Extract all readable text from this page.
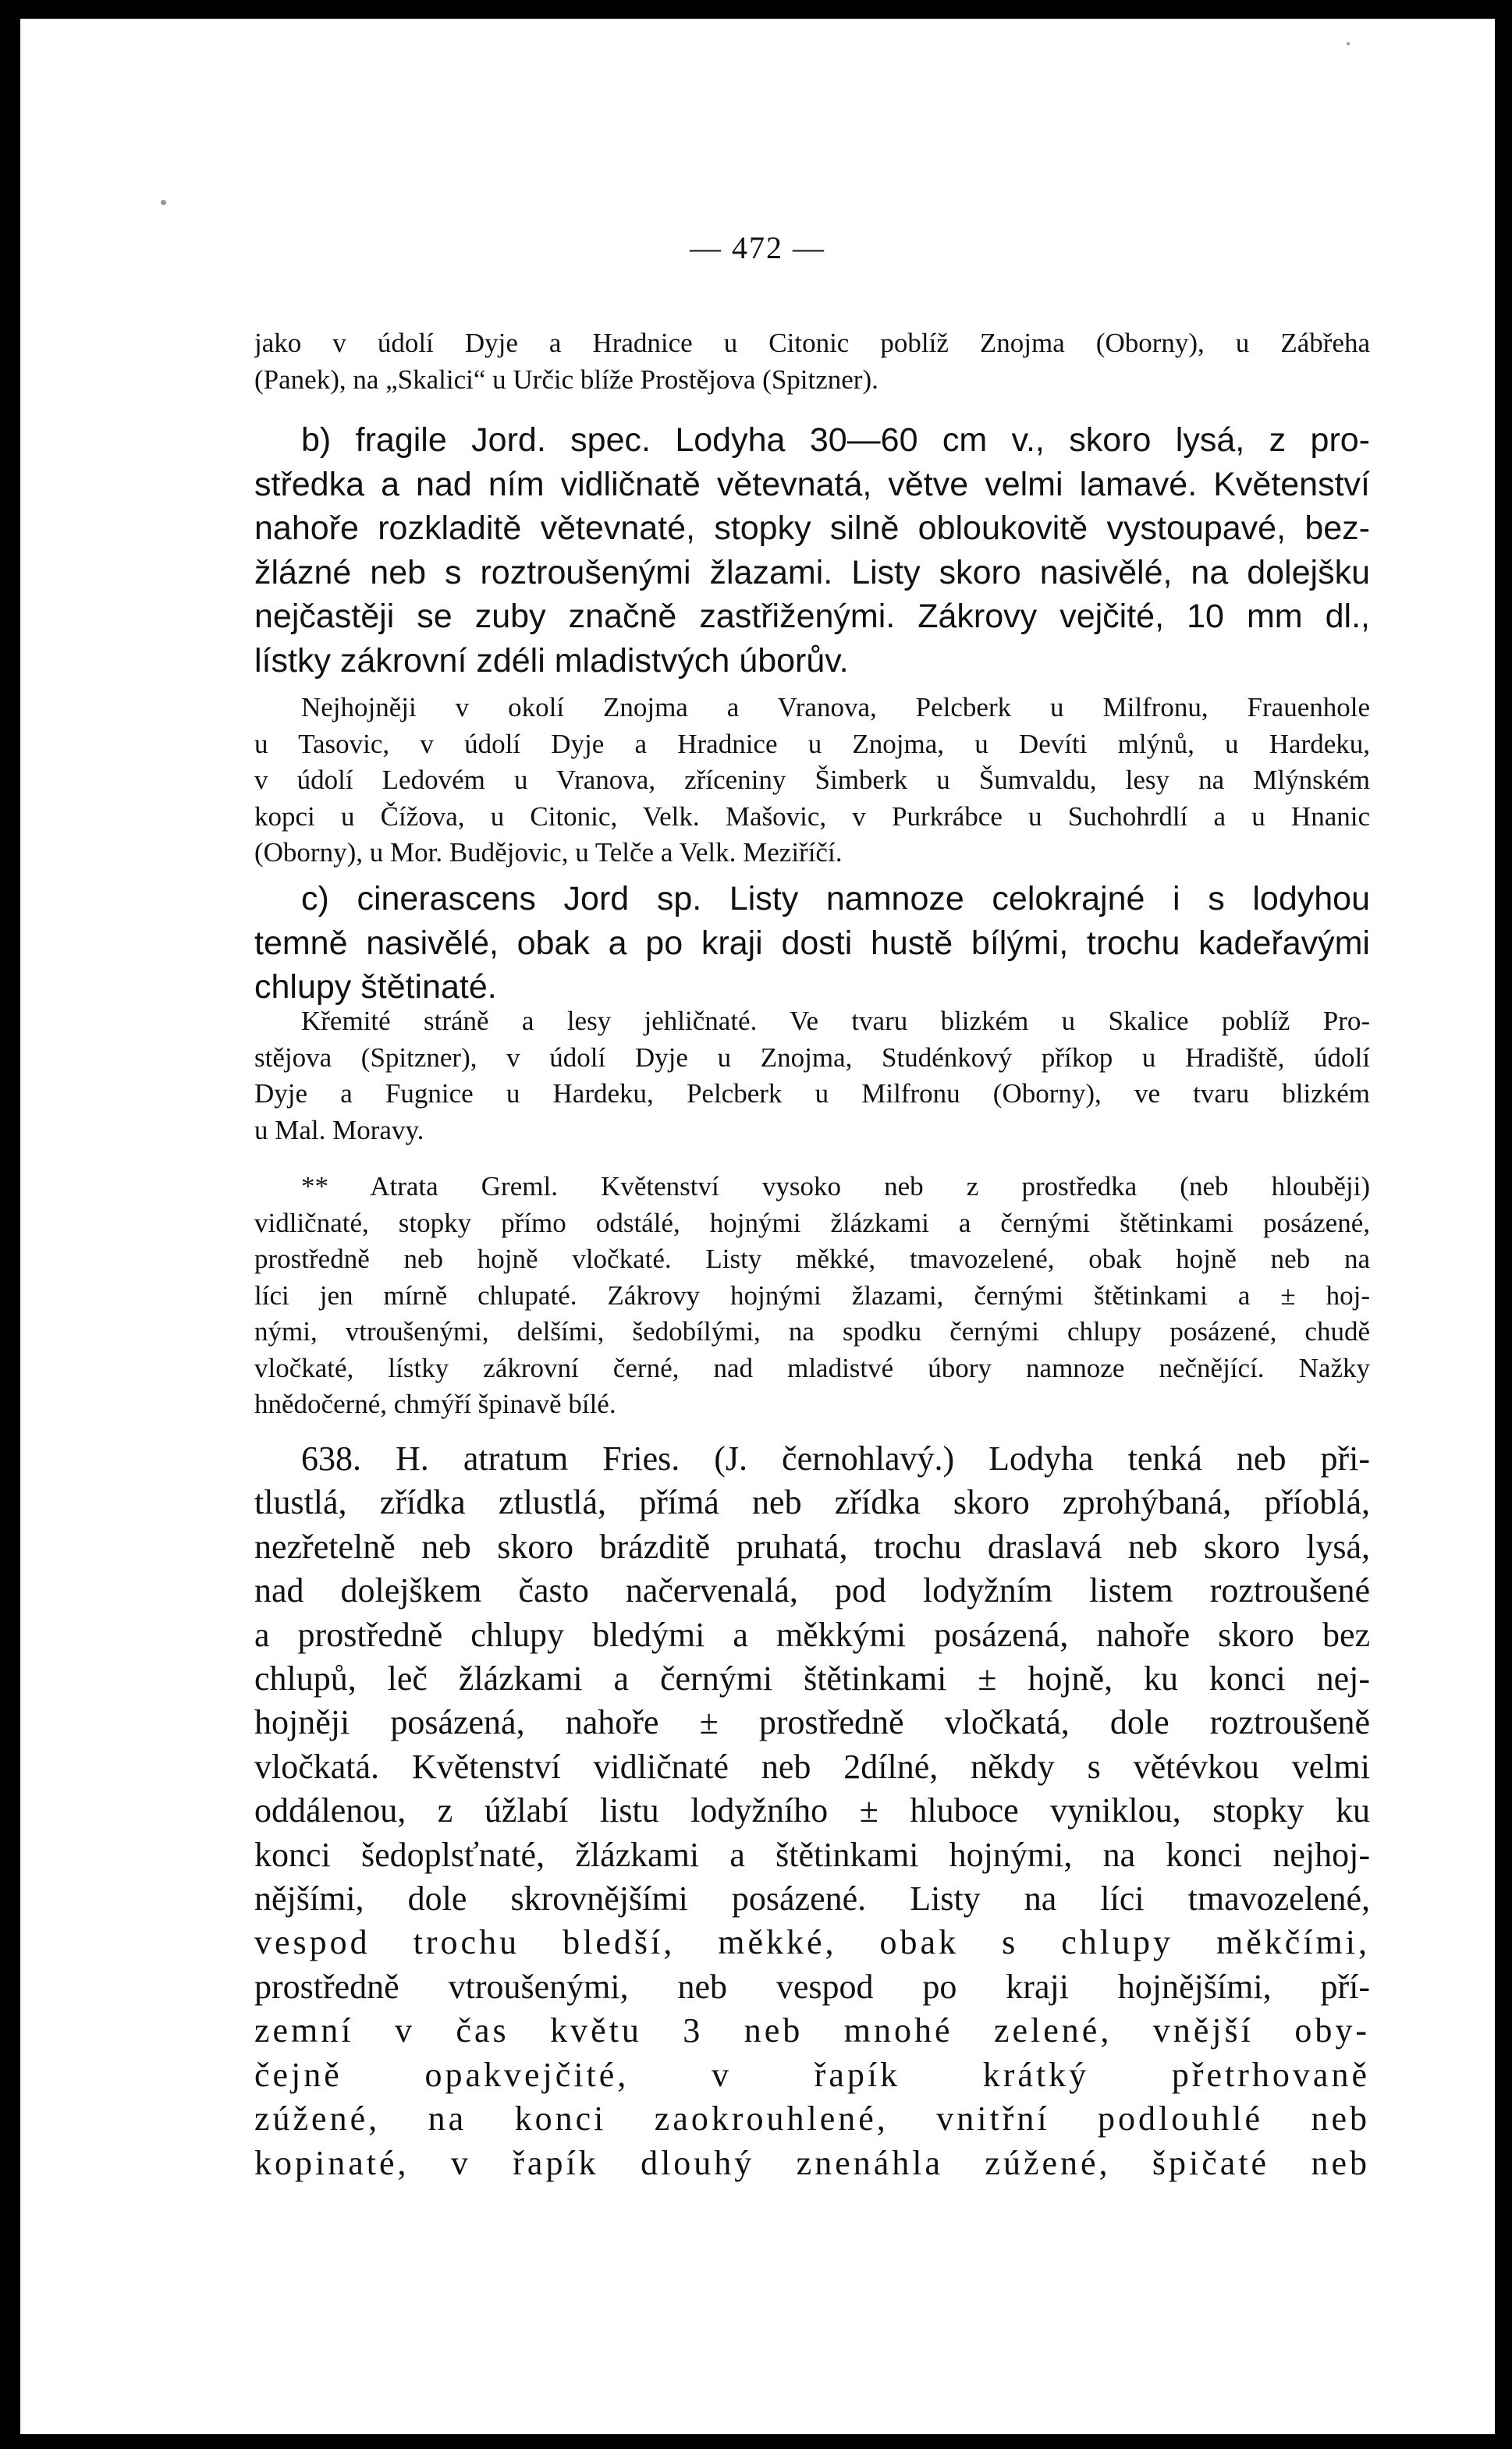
— 472 —
jako v údolí Dyje a Hradnice u Citonic poblíž Znojma (Oborny), u Zábřeha
(Panek), na „Skalici“ u Určic blíže Prostějova (Spitzner).
b) fragile Jord. spec. Lodyha 30—60 cm v., skoro lysá, z pro-
středka a nad ním vidličnatě větevnatá, větve velmi lamavé. Květenství
nahoře rozkladitě větevnaté, stopky silně obloukovitě vystoupavé, bez-
žlázné neb s roztroušenými žlazami. Listy skoro nasivělé, na dolejšku
nejčastěji se zuby značně zastřiženými. Zákrovy vejčité, 10 mm dl.,
lístky zákrovní zdéli mladistvých úborův.
Nejhojněji v okolí Znojma a Vranova, Pelcberk u Milfronu, Frauenhole
u Tasovic, v údolí Dyje a Hradnice u Znojma, u Devíti mlýnů, u Hardeku,
v údolí Ledovém u Vranova, zříceniny Šimberk u Šumvaldu, lesy na Mlýnském
kopci u Čížova, u Citonic, Velk. Mašovic, v Purkrábce u Suchohrdlí a u Hnanic
(Oborny), u Mor. Budějovic, u Telče a Velk. Meziříčí.
c) cinerascens Jord sp. Listy namnoze celokrajné i s lodyhou
temně nasivělé, obak a po kraji dosti hustě bílými, trochu kadeřavými
chlupy štětinaté.
Křemité stráně a lesy jehličnaté. Ve tvaru blizkém u Skalice poblíž Pro-
stějova (Spitzner), v údolí Dyje u Znojma, Studénkový příkop u Hradiště, údolí
Dyje a Fugnice u Hardeku, Pelcberk u Milfronu (Oborny), ve tvaru blizkém
u Mal. Moravy.
** Atrata Greml. Květenství vysoko neb z prostředka (neb hlouběji)
vidličnaté, stopky přímo odstálé, hojnými žlázkami a černými štětinkami posázené,
prostředně neb hojně vločkaté. Listy měkké, tmavozelené, obak hojně neb na
líci jen mírně chlupaté. Zákrovy hojnými žlazami, černými štětinkami a ± hoj-
nými, vtroušenými, delšími, šedobílými, na spodku černými chlupy posázené, chudě
vločkaté, lístky zákrovní černé, nad mladistvé úbory namnoze nečnějící. Nažky
hnědočerné, chmýří špinavě bílé.
638. H. atratum Fries. (J. černohlavý.) Lodyha tenká neb při-
tlustlá, zřídka ztlustlá, přímá neb zřídka skoro zprohýbaná, příoblá,
nezřetelně neb skoro brázditě pruhatá, trochu draslavá neb skoro lysá,
nad dolejškem často načervenalá, pod lodyžním listem roztroušené
a prostředně chlupy bledými a měkkými posázená, nahoře skoro bez
chlupů, leč žlázkami a černými štětinkami ± hojně, ku konci nej-
hojněji posázená, nahoře ± prostředně vločkatá, dole roztroušeně
vločkatá. Květenství vidličnaté neb 2dílné, někdy s větévkou velmi
oddálenou, z úžlabí listu lodyžního ± hluboce vyniklou, stopky ku
konci šedoplsťnaté, žlázkami a štětinkami hojnými, na konci nejhoj-
nějšími, dole skrovnějšími posázené. Listy na líci tmavozelené,
vespod trochu bledší, měkké, obak s chlupy měkčími,
prostředně vtroušenými, neb vespod po kraji hojnějšími, pří-
zemní v čas květu 3 neb mnohé zelené, vnější oby-
čejně opakvejčité, v řapík krátký přetrhovaně
zúžené, na konci zaokrouhlené, vnitřní podlouhlé neb
kopinaté, v řapík dlouhý znenáhla zúžené, špičaté neb
